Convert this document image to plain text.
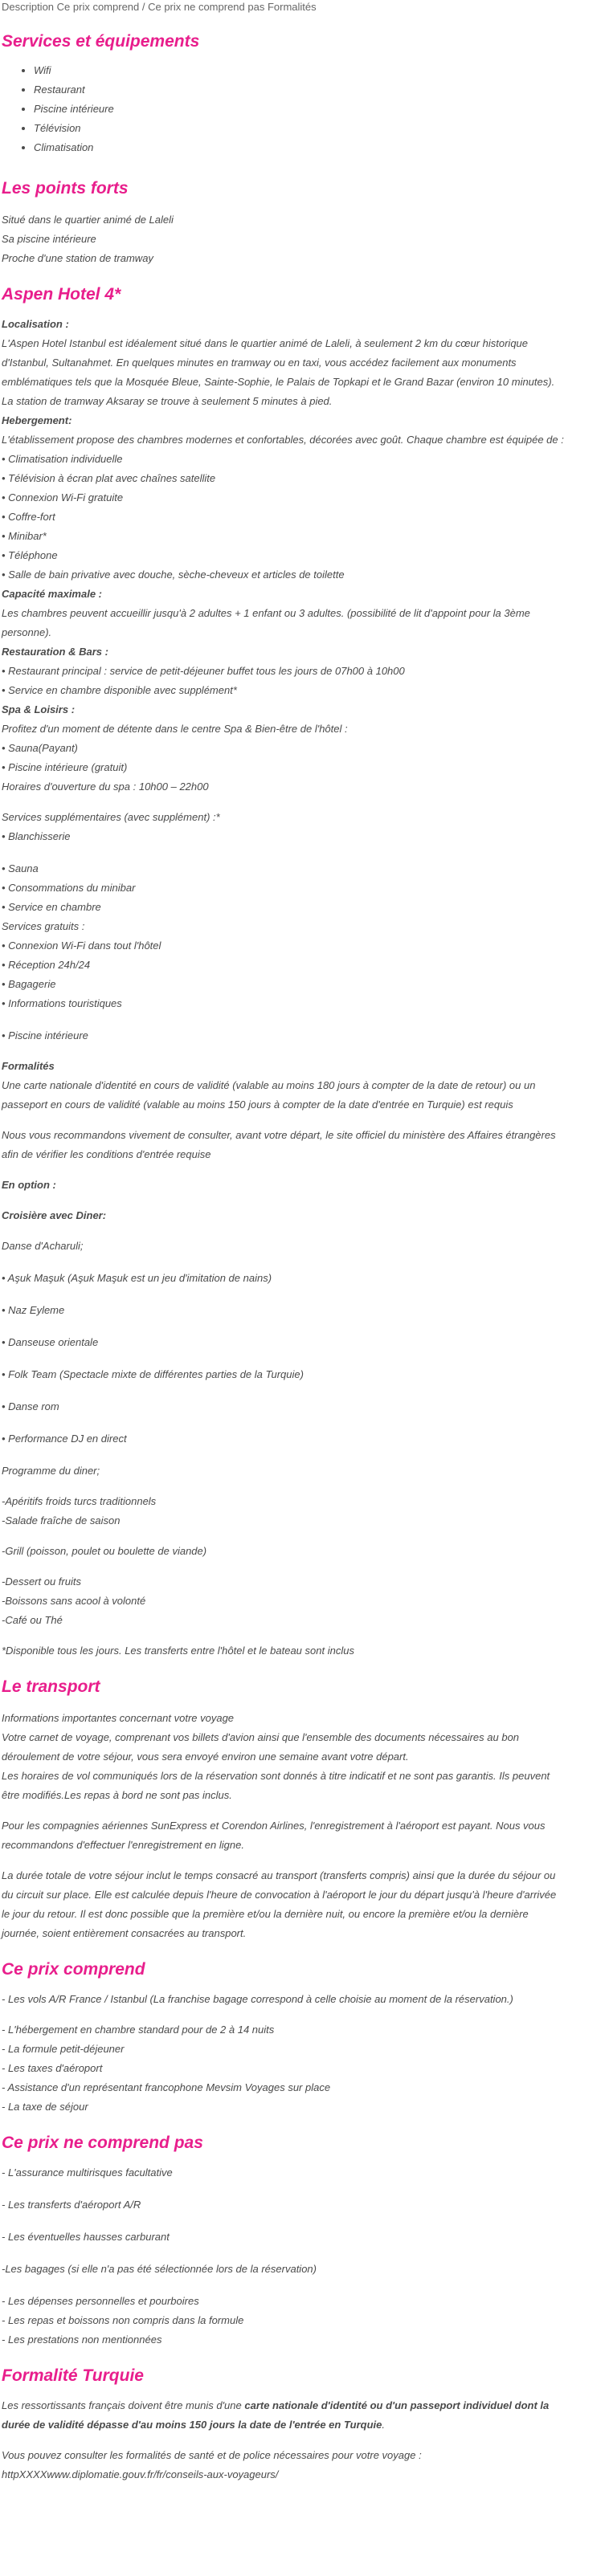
Description Ce prix comprend / Ce prix ne comprend pas Formalités
Services et équipements
• Wifi
• Restaurant
• Piscine intérieure
• Télévision
• Climatisation
Les points forts
Situé dans le quartier animé de Laleli
Sa piscine intérieure
Proche d'une station de tramway
Aspen Hotel 4*
Localisation :
L'Aspen Hotel Istanbul est idéalement situé dans le quartier animé de Laleli, à seulement 2 km du cœur historique
d'Istanbul, Sultanahmet. En quelques minutes en tramway ou en taxi, vous accédez facilement aux monuments
emblématiques tels que la Mosquée Bleue, Sainte-Sophie, le Palais de Topkapi et le Grand Bazar (environ 10 minutes).
La station de tramway Aksaray se trouve à seulement 5 minutes à pied.
Hebergement:
L'établissement propose des chambres modernes et confortables, décorées avec goût. Chaque chambre est équipée de :
• Climatisation individuelle
• Télévision à écran plat avec chaînes satellite
• Connexion Wi-Fi gratuite
• Coffre-fort
• Minibar*
• Téléphone
• Salle de bain privative avec douche, sèche-cheveux et articles de toilette
Capacité maximale :
Les chambres peuvent accueillir jusqu'à 2 adultes + 1 enfant ou 3 adultes. (possibilité de lit d'appoint pour la 3ème
personne).
Restauration & Bars :
• Restaurant principal : service de petit-déjeuner buffet tous les jours de 07h00 à 10h00
• Service en chambre disponible avec supplément*
Spa & Loisirs :
Profitez d'un moment de détente dans le centre Spa & Bien-être de l'hôtel :
• Sauna(Payant)
• Piscine intérieure (gratuit)
Horaires d'ouverture du spa : 10h00 – 22h00
Services supplémentaires (avec supplément) :*
• Blanchisserie
• Sauna
• Consommations du minibar
• Service en chambre
Services gratuits :
• Connexion Wi-Fi dans tout l'hôtel
• Réception 24h/24
• Bagagerie
• Informations touristiques
• Piscine intérieure
Formalités
Une carte nationale d'identité en cours de validité (valable au moins 180 jours à compter de la date de retour) ou un
passeport en cours de validité (valable au moins 150 jours à compter de la date d'entrée en Turquie) est requis
Nous vous recommandons vivement de consulter, avant votre départ, le site officiel du ministère des Affaires étrangères
afin de vérifier les conditions d'entrée requise
En option :
Croisière avec Diner:
Danse d'Acharuli;
• Aşuk Maşuk (Aşuk Maşuk est un jeu d'imitation de nains)
• Naz Eyleme
• Danseuse orientale
• Folk Team (Spectacle mixte de différentes parties de la Turquie)
• Danse rom
• Performance DJ en direct
Programme du diner;
-Apéritifs froids turcs traditionnels
-Salade fraîche de saison
-Grill (poisson, poulet ou boulette de viande)
-Dessert ou fruits
-Boissons sans acool à volonté
-Café ou Thé
*Disponible tous les jours. Les transferts entre l'hôtel et le bateau sont inclus
Le transport
Informations importantes concernant votre voyage
Votre carnet de voyage, comprenant vos billets d'avion ainsi que l'ensemble des documents nécessaires au bon
déroulement de votre séjour, vous sera envoyé environ une semaine avant votre départ.
Les horaires de vol communiqués lors de la réservation sont donnés à titre indicatif et ne sont pas garantis. Ils peuvent
être modifiés.Les repas à bord ne sont pas inclus.
Pour les compagnies aériennes SunExpress et Corendon Airlines, l'enregistrement à l'aéroport est payant. Nous vous
recommandons d'effectuer l'enregistrement en ligne.
La durée totale de votre séjour inclut le temps consacré au transport (transferts compris) ainsi que la durée du séjour ou
du circuit sur place. Elle est calculée depuis l'heure de convocation à l'aéroport le jour du départ jusqu'à l'heure d'arrivée
le jour du retour. Il est donc possible que la première et/ou la dernière nuit, ou encore la première et/ou la dernière
journée, soient entièrement consacrées au transport.
Ce prix comprend
- Les vols A/R France / Istanbul (La franchise bagage correspond à celle choisie au moment de la réservation.)
- L'hébergement en chambre standard pour de 2 à 14 nuits
- La formule petit-déjeuner
- Les taxes d'aéroport
- Assistance d'un représentant francophone Mevsim Voyages sur place
- La taxe de séjour
Ce prix ne comprend pas
- L'assurance multirisques facultative
- Les transferts d'aéroport A/R
- Les éventuelles hausses carburant
-Les bagages (si elle n'a pas été sélectionnée lors de la réservation)
- Les dépenses personnelles et pourboires
- Les repas et boissons non compris dans la formule
- Les prestations non mentionnées
Formalité Turquie
Les ressortissants français doivent être munis d'une carte nationale d'identité ou d'un passeport individuel dont la
durée de validité dépasse d'au moins 150 jours la date de l'entrée en Turquie.
Vous pouvez consulter les formalités de santé et de police nécessaires pour votre voyage :
httpXXXXwww.diplomatie.gouv.fr/fr/conseils-aux-voyageurs/
